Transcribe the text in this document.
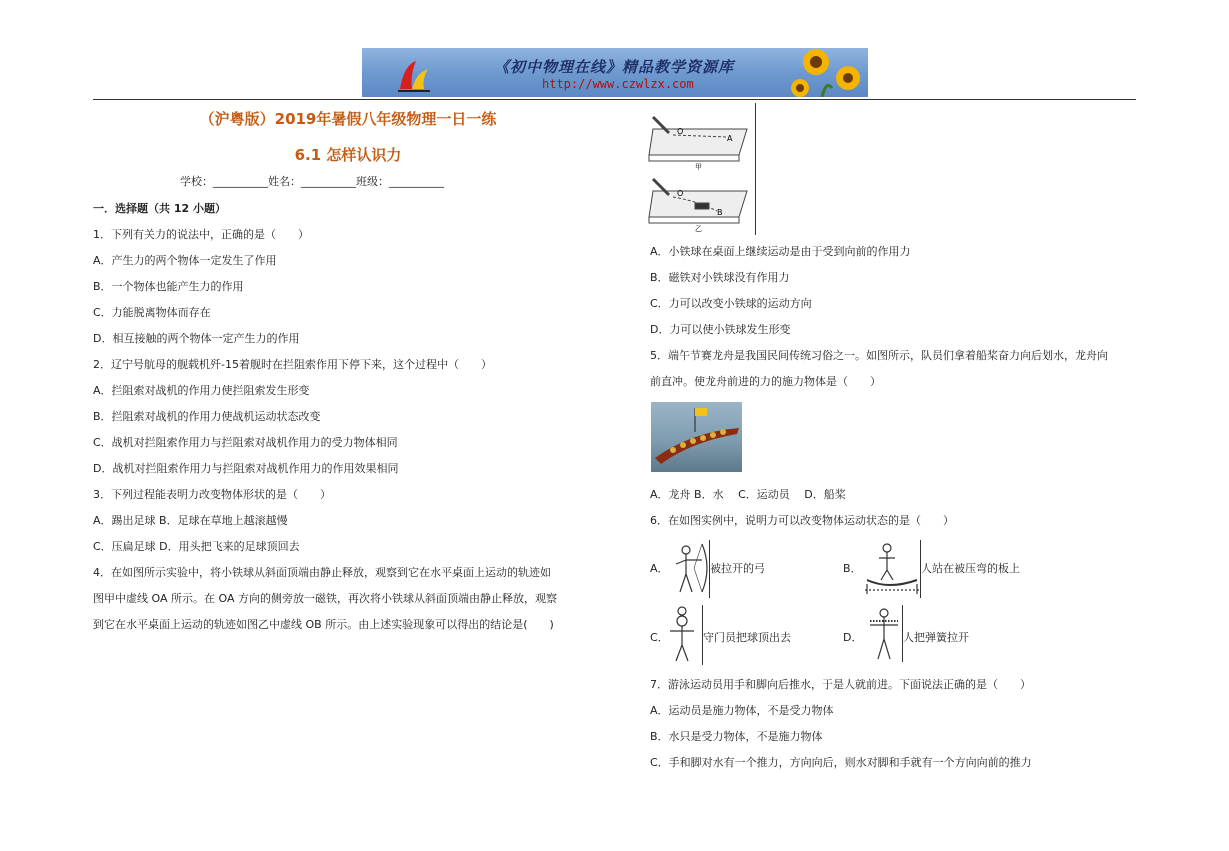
《初中物理在线》精品教学资源库
http://www.czwlzx.com
（沪粤版）2019年暑假八年级物理一日一练
6.1 怎样认识力
学校：__________姓名：__________班级：__________
一．选择题（共 12 小题）
1．下列有关力的说法中，正确的是（　　）
A．产生力的两个物体一定发生了作用
B．一个物体也能产生力的作用
C．力能脱离物体而存在
D．相互接触的两个物体一定产生力的作用
2．辽宁号航母的舰载机歼-15着舰时在拦阻索作用下停下来，这个过程中（　　）
A．拦阻索对战机的作用力使拦阻索发生形变
B．拦阻索对战机的作用力使战机运动状态改变
C．战机对拦阻索作用力与拦阻索对战机作用力的受力物体相同
D．战机对拦阻索作用力与拦阻索对战机作用力的作用效果相同
3．下列过程能表明力改变物体形状的是（　　）
A．踢出足球 B．足球在草地上越滚越慢
C．压扁足球 D．用头把飞来的足球顶回去
4．在如图所示实验中，将小铁球从斜面顶端由静止释放，观察到它在水平桌面上运动的轨迹如
图甲中虚线 OA 所示。在 OA 方向的侧旁放一磁铁，再次将小铁球从斜面顶端由静止释放，观察
到它在水平桌面上运动的轨迹如图乙中虚线 OB 所示。由上述实验现象可以得出的结论是(　　)
O
A
甲
O
B
乙
A．小铁球在桌面上继续运动是由于受到向前的作用力
B．磁铁对小铁球没有作用力
C．力可以改变小铁球的运动方向
D．力可以使小铁球发生形变
5．端午节赛龙舟是我国民间传统习俗之一。如图所示，队员们拿着船桨奋力向后划水，龙舟向
前直冲。使龙舟前进的力的施力物体是（　　）
A．龙舟 B．水　 C．运动员　 D．船桨
6．在如图实例中，说明力可以改变物体运动状态的是（　　）
A．	被拉开的弓	B．	人站在被压弯的板上
C．	守门员把球顶出去	D．	人把弹簧拉开
7．游泳运动员用手和脚向后推水，于是人就前进。下面说法正确的是（　　）
A．运动员是施力物体，不是受力物体
B．水只是受力物体，不是施力物体
C．手和脚对水有一个推力，方向向后，则水对脚和手就有一个方向向前的推力
